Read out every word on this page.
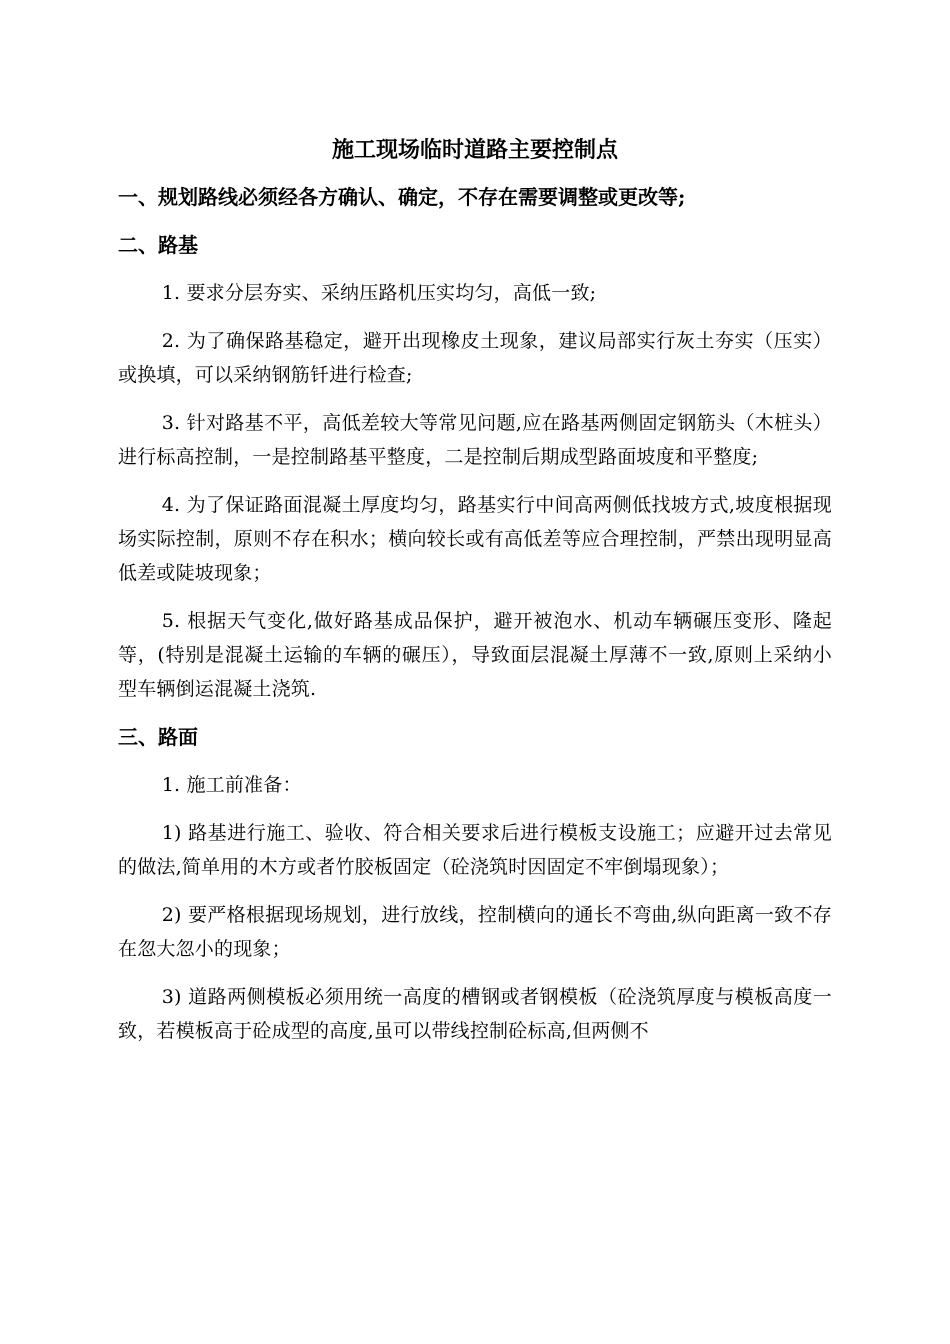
施工现场临时道路主要控制点
一、规划路线必须经各方确认、确定，不存在需要调整或更改等;
二、路基
1. 要求分层夯实、采纳压路机压实均匀，高低一致;
2. 为了确保路基稳定，避开出现橡皮土现象，建议局部实行灰土夯实（压实）或换填，可以采纳钢筋钎进行检查;
3. 针对路基不平，高低差较大等常见问题,应在路基两侧固定钢筋头（木桩头）进行标高控制，一是控制路基平整度，二是控制后期成型路面坡度和平整度;
4. 为了保证路面混凝土厚度均匀，路基实行中间高两侧低找坡方式,坡度根据现场实际控制，原则不存在积水；横向较长或有高低差等应合理控制，严禁出现明显高低差或陡坡现象；
5. 根据天气变化,做好路基成品保护，避开被泡水、机动车辆碾压变形、隆起等，(特别是混凝土运输的车辆的碾压），导致面层混凝土厚薄不一致,原则上采纳小型车辆倒运混凝土浇筑.
三、路面
1. 施工前准备：
1) 路基进行施工、验收、符合相关要求后进行模板支设施工；应避开过去常见的做法,简单用的木方或者竹胶板固定（砼浇筑时因固定不牢倒塌现象）；
2) 要严格根据现场规划，进行放线，控制横向的通长不弯曲,纵向距离一致不存在忽大忽小的现象；
3) 道路两侧模板必须用统一高度的槽钢或者钢模板（砼浇筑厚度与模板高度一致，若模板高于砼成型的高度,虽可以带线控制砼标高,但两侧不
